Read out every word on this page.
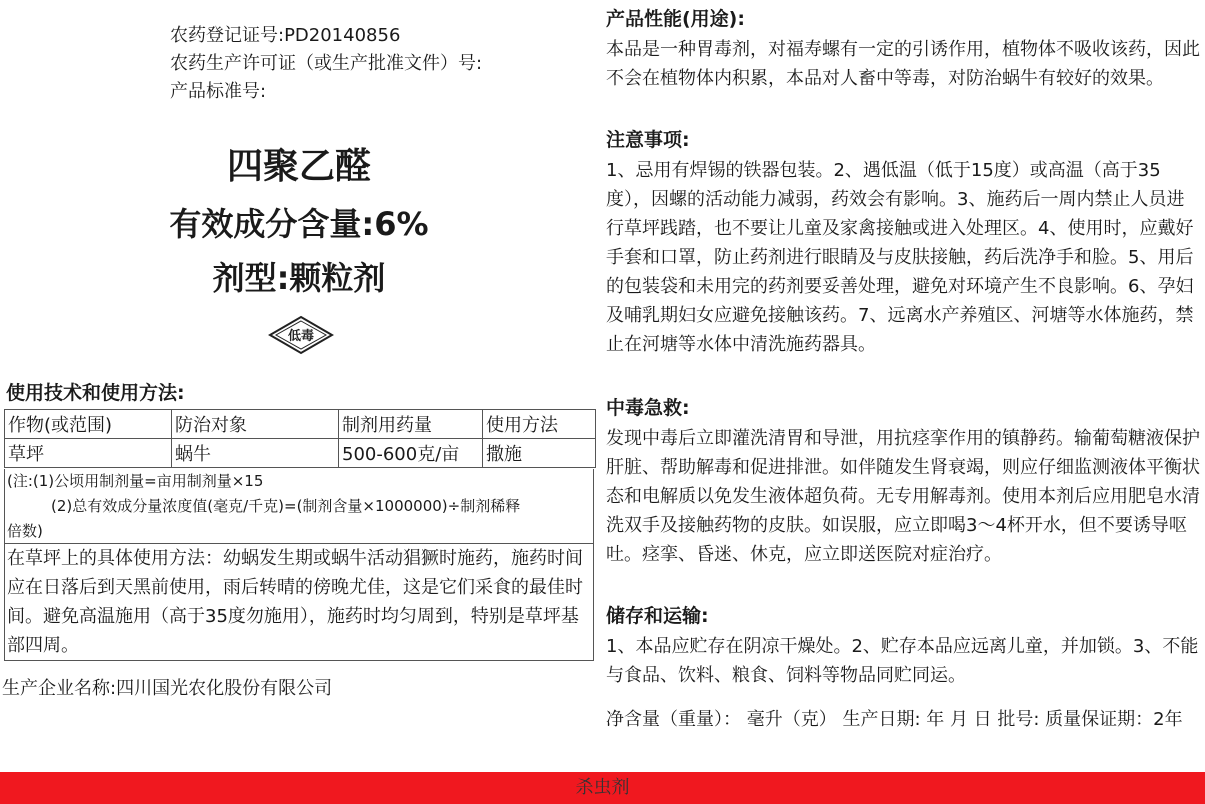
农药登记证号:PD20140856
农药生产许可证（或生产批准文件）号:
产品标准号:
四聚乙醛
有效成分含量:6%
剂型:颗粒剂
低毒
使用技术和使用方法:
作物(或范围)	防治对象	制剂用药量	使用方法
草坪	蜗牛	500-600克/亩	撒施
(注:(1)公顷用制剂量=亩用制剂量×15
(2)总有效成分量浓度值(毫克/千克)=(制剂含量×1000000)÷制剂稀释
倍数)
在草坪上的具体使用方法：幼蜗发生期或蜗牛活动猖獗时施药，施药时间应在日落后到天黑前使用，雨后转晴的傍晚尤佳，这是它们采食的最佳时间。避免高温施用（高于35度勿施用），施药时均匀周到，特别是草坪基部四周。
生产企业名称:四川国光农化股份有限公司
产品性能(用途):
本品是一种胃毒剂，对福寿螺有一定的引诱作用，植物体不吸收该药，因此不会在植物体内积累，本品对人畜中等毒，对防治蜗牛有较好的效果。
注意事项:
1、忌用有焊锡的铁器包装。2、遇低温（低于15度）或高温（高于35度），因螺的活动能力减弱，药效会有影响。3、施药后一周内禁止人员进行草坪践踏，也不要让儿童及家禽接触或进入处理区。4、使用时，应戴好手套和口罩，防止药剂进行眼睛及与皮肤接触，药后洗净手和脸。5、用后的包装袋和未用完的药剂要妥善处理，避免对环境产生不良影响。6、孕妇及哺乳期妇女应避免接触该药。7、远离水产养殖区、河塘等水体施药，禁止在河塘等水体中清洗施药器具。
中毒急救:
发现中毒后立即灌洗清胃和导泄，用抗痉挛作用的镇静药。输葡萄糖液保护肝脏、帮助解毒和促进排泄。如伴随发生肾衰竭，则应仔细监测液体平衡状态和电解质以免发生液体超负荷。无专用解毒剂。使用本剂后应用肥皂水清洗双手及接触药物的皮肤。如误服，应立即喝3～4杯开水，但不要诱导呕吐。痉挛、昏迷、休克，应立即送医院对症治疗。
储存和运输:
1、本品应贮存在阴凉干燥处。2、贮存本品应远离儿童，并加锁。3、不能与食品、饮料、粮食、饲料等物品同贮同运。
净含量（重量）： 毫升（克） 生产日期: 年 月 日 批号: 质量保证期：2年
杀虫剂
